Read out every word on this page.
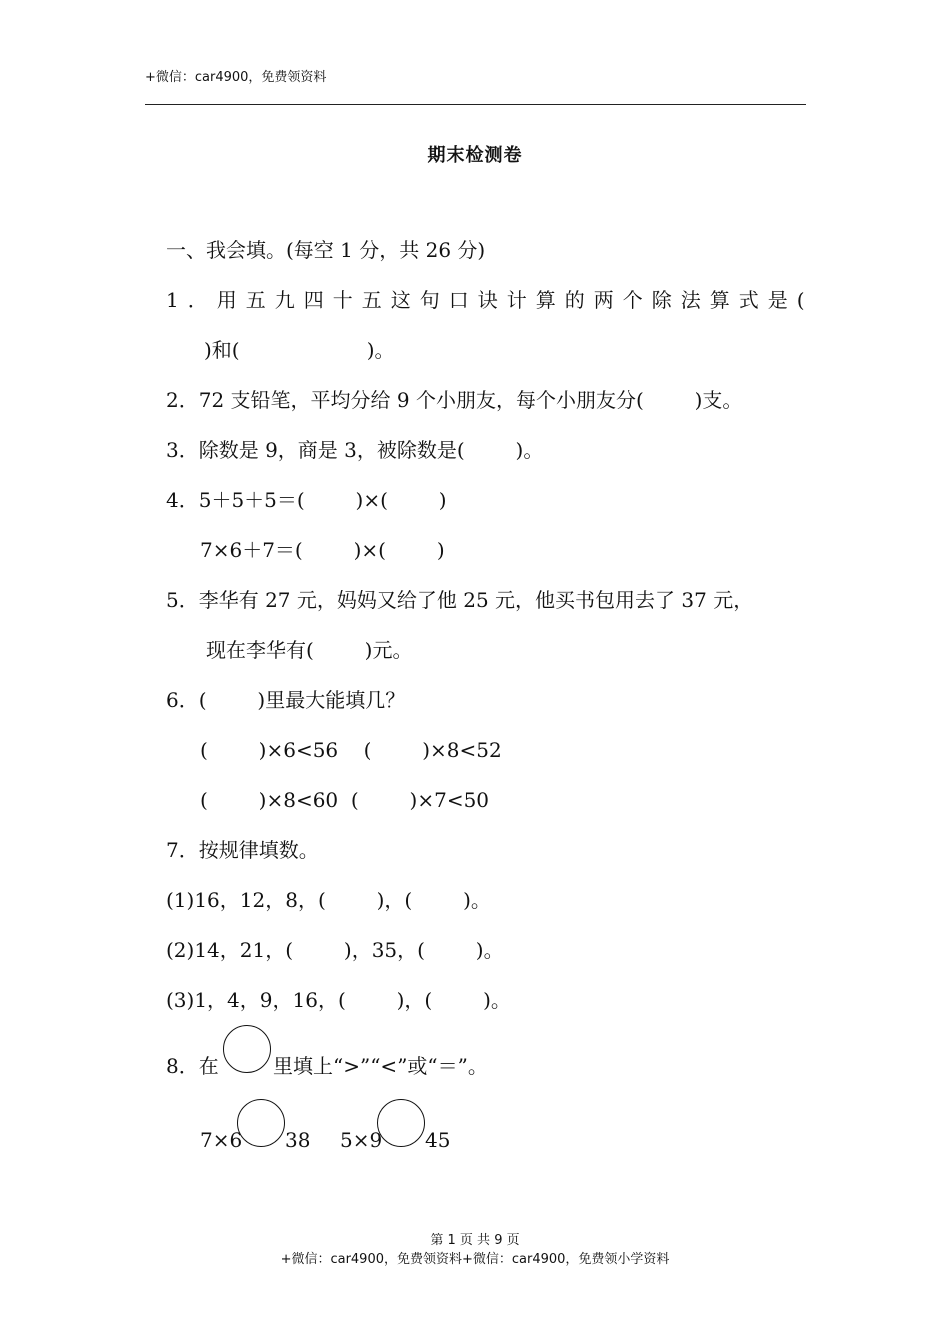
+微信：car4900，免费领资料
期末检测卷
一、我会填。(每空 1 分，共 26 分)
1．用五九四十五这句口诀计算的两个除法算式是(
)和(                    )。
2．72 支铅笔，平均分给 9 个小朋友，每个小朋友分(        )支。
3．除数是 9，商是 3，被除数是(        )。
4．5＋5＋5＝(        )×(        )
7×6＋7＝(        )×(        )
5．李华有 27 元，妈妈又给了他 25 元，他买书包用去了 37 元，
现在李华有(        )元。
6．(        )里最大能填几？
(        )×6<56    (        )×8<52
(        )×8<60  (        )×7<50
7．按规律填数。
(1)16，12，8，(        )，(        )。
(2)14，21，(        )，35，(        )。
(3)1，4，9，16，(        )，(        )。
8．在	里填上“>”“<”或“＝”。
7×6 38 5×9 45
第 1 页 共 9 页
+微信：car4900，免费领资料+微信：car4900，免费领小学资料
